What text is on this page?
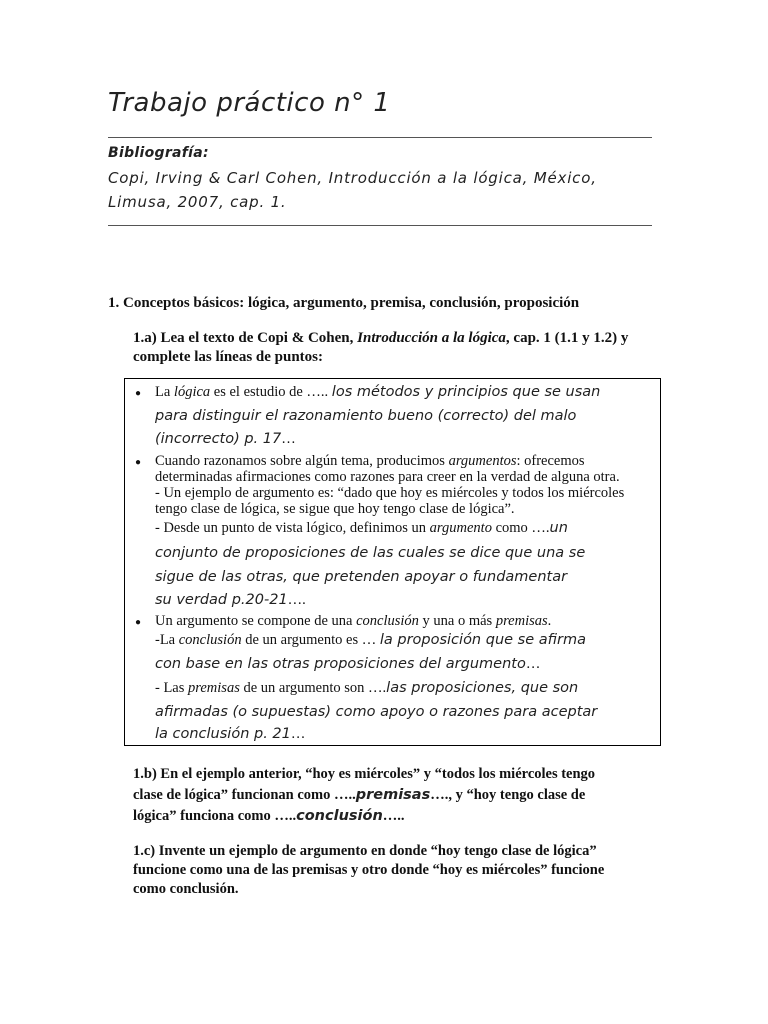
Trabajo práctico n° 1
Bibliografía:
Copi, Irving & Carl Cohen, Introducción a la lógica, México,
Limusa, 2007, cap. 1.
1. Conceptos básicos: lógica, argumento, premisa, conclusión, proposición
1.a) Lea el texto de Copi & Cohen, Introducción a la lógica, cap. 1 (1.1 y 1.2) y
complete las líneas de puntos:
● La lógica es el estudio de ….. los métodos y principios que se usan
para distinguir el razonamiento bueno (correcto) del malo
(incorrecto) p. 17…
● Cuando razonamos sobre algún tema, producimos argumentos: ofrecemos
determinadas afirmaciones como razones para creer en la verdad de alguna otra.
- Un ejemplo de argumento es: “dado que hoy es miércoles y todos los miércoles
tengo clase de lógica, se sigue que hoy tengo clase de lógica”.
- Desde un punto de vista lógico, definimos un argumento como ….un
conjunto de proposiciones de las cuales se dice que una se
sigue de las otras, que pretenden apoyar o fundamentar
su verdad p.20-21….
● Un argumento se compone de una conclusión y una o más premisas.
-La conclusión de un argumento es … la proposición que se afirma
con base en las otras proposiciones del argumento…
- Las premisas de un argumento son ….las proposiciones, que son
afirmadas (o supuestas) como apoyo o razones para aceptar
la conclusión p. 21…
1.b) En el ejemplo anterior, “hoy es miércoles” y “todos los miércoles tengo
clase de lógica” funcionan como …..premisas…., y “hoy tengo clase de
lógica” funciona como …..conclusión…..
1.c) Invente un ejemplo de argumento en donde “hoy tengo clase de lógica”
funcione como una de las premisas y otro donde “hoy es miércoles” funcione
como conclusión.
